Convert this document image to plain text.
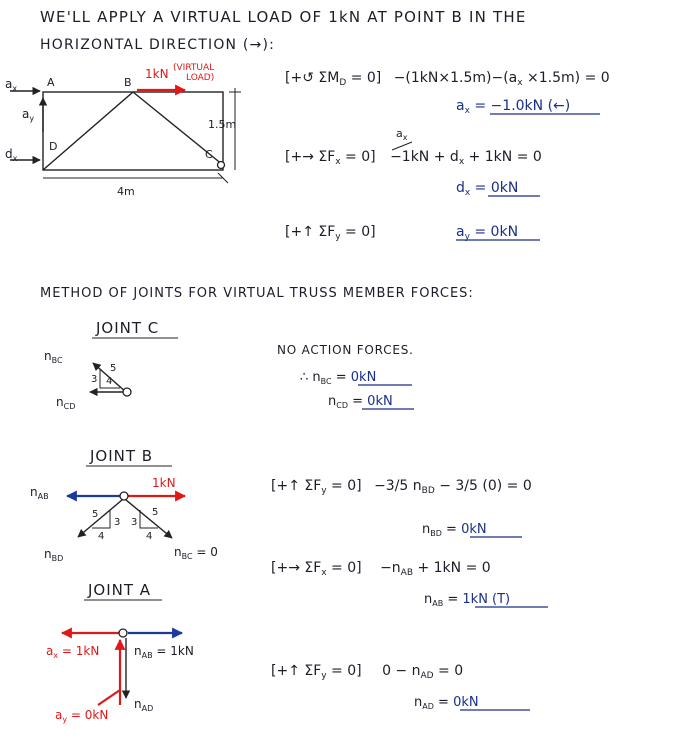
WE'LL APPLY A VIRTUAL LOAD OF 1kN AT POINT B IN THE
HORIZONTAL DIRECTION (→):
$a_x$
$a_y$
$d_x$
A	B
C
D
1kN (VIRTUAL
LOAD)
1.5m
4m
[+↺ $\Sigma M_D = 0] -(1kN\times 1.5m)-(a_x \times 1.5m) = 0$
$a_x = -1.0kN$ (←)
$a_x$
[+→ $\Sigma F_x = 0] -1kN + d_x + 1kN = 0$
$d_x = 0kN$
[+↑ $\Sigma F_y = 0$]	$a_y = 0kN$
METHOD OF JOINTS FOR VIRTUAL TRUSS MEMBER FORCES:
JOINT C
3 4
5
$n_{BC}$
$n_{CD}$
NO ACTION FORCES.
∴ $n_{BC} = 0kN$
$n_{CD} = 0kN$
JOINT B
5
3
4
3
5
4
$n_{AB}$
1kN
$n_{BD}$	$n_{BC} = 0$
[+↑ $\Sigma F_y = 0] -3/5$ $n_{BD} - 3/5$ (0) = 0
$n_{BD} = 0kN$
[+→ $\Sigma F_x = 0] -n_{AB} + 1kN = 0$
$n_{AB} = 1kN$ (T)
JOINT A
$a_x = 1kN$	$n_{AB} = 1kN$
$n_{AD}$
$a_y = 0kN$
[+↑ $\Sigma F_y = 0$] $0 - n_{AD} = 0$
$n_{AD} = 0kN$
